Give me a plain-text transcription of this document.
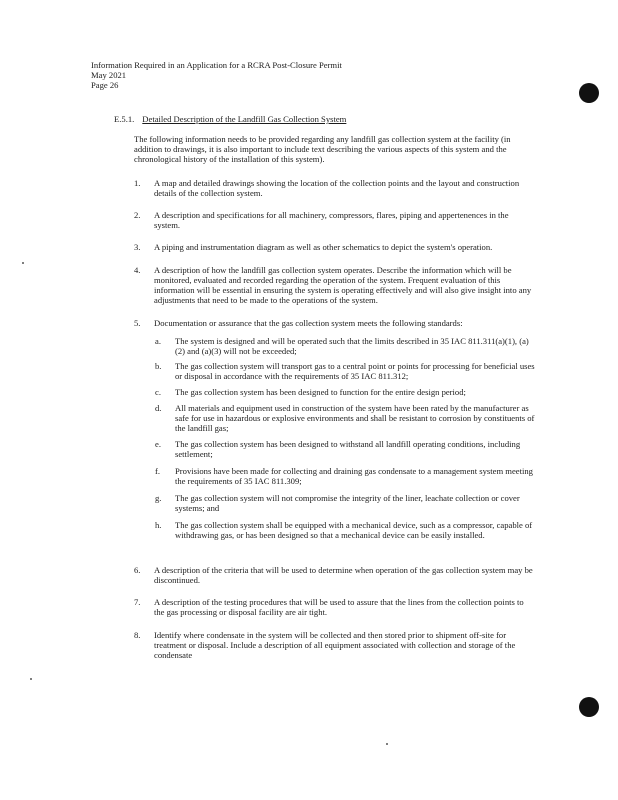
Information Required in an Application for a RCRA Post-Closure Permit
May 2021
Page 26
E.5.1. Detailed Description of the Landfill Gas Collection System
The following information needs to be provided regarding any landfill gas collection system at the facility (in addition to drawings, it is also important to include text describing the various aspects of this system and the chronological history of the installation of this system).
1. A map and detailed drawings showing the location of the collection points and the layout and construction details of the collection system.
2. A description and specifications for all machinery, compressors, flares, piping and appertenences in the system.
3. A piping and instrumentation diagram as well as other schematics to depict the system's operation.
4. A description of how the landfill gas collection system operates. Describe the information which will be monitored, evaluated and recorded regarding the operation of the system. Frequent evaluation of this information will be essential in ensuring the system is operating effectively and will also give insight into any adjustments that need to be made to the operations of the system.
5. Documentation or assurance that the gas collection system meets the following standards:
a. The system is designed and will be operated such that the limits described in 35 IAC 811.311(a)(1), (a)(2) and (a)(3) will not be exceeded;
b. The gas collection system will transport gas to a central point or points for processing for beneficial uses or disposal in accordance with the requirements of 35 IAC 811.312;
c. The gas collection system has been designed to function for the entire design period;
d. All materials and equipment used in construction of the system have been rated by the manufacturer as safe for use in hazardous or explosive environments and shall be resistant to corrosion by constituents of the landfill gas;
e. The gas collection system has been designed to withstand all landfill operating conditions, including settlement;
f. Provisions have been made for collecting and draining gas condensate to a management system meeting the requirements of 35 IAC 811.309;
g. The gas collection system will not compromise the integrity of the liner, leachate collection or cover systems; and
h. The gas collection system shall be equipped with a mechanical device, such as a compressor, capable of withdrawing gas, or has been designed so that a mechanical device can be easily installed.
6. A description of the criteria that will be used to determine when operation of the gas collection system may be discontinued.
7. A description of the testing procedures that will be used to assure that the lines from the collection points to the gas processing or disposal facility are air tight.
8. Identify where condensate in the system will be collected and then stored prior to shipment off-site for treatment or disposal. Include a description of all equipment associated with collection and storage of the condensate
